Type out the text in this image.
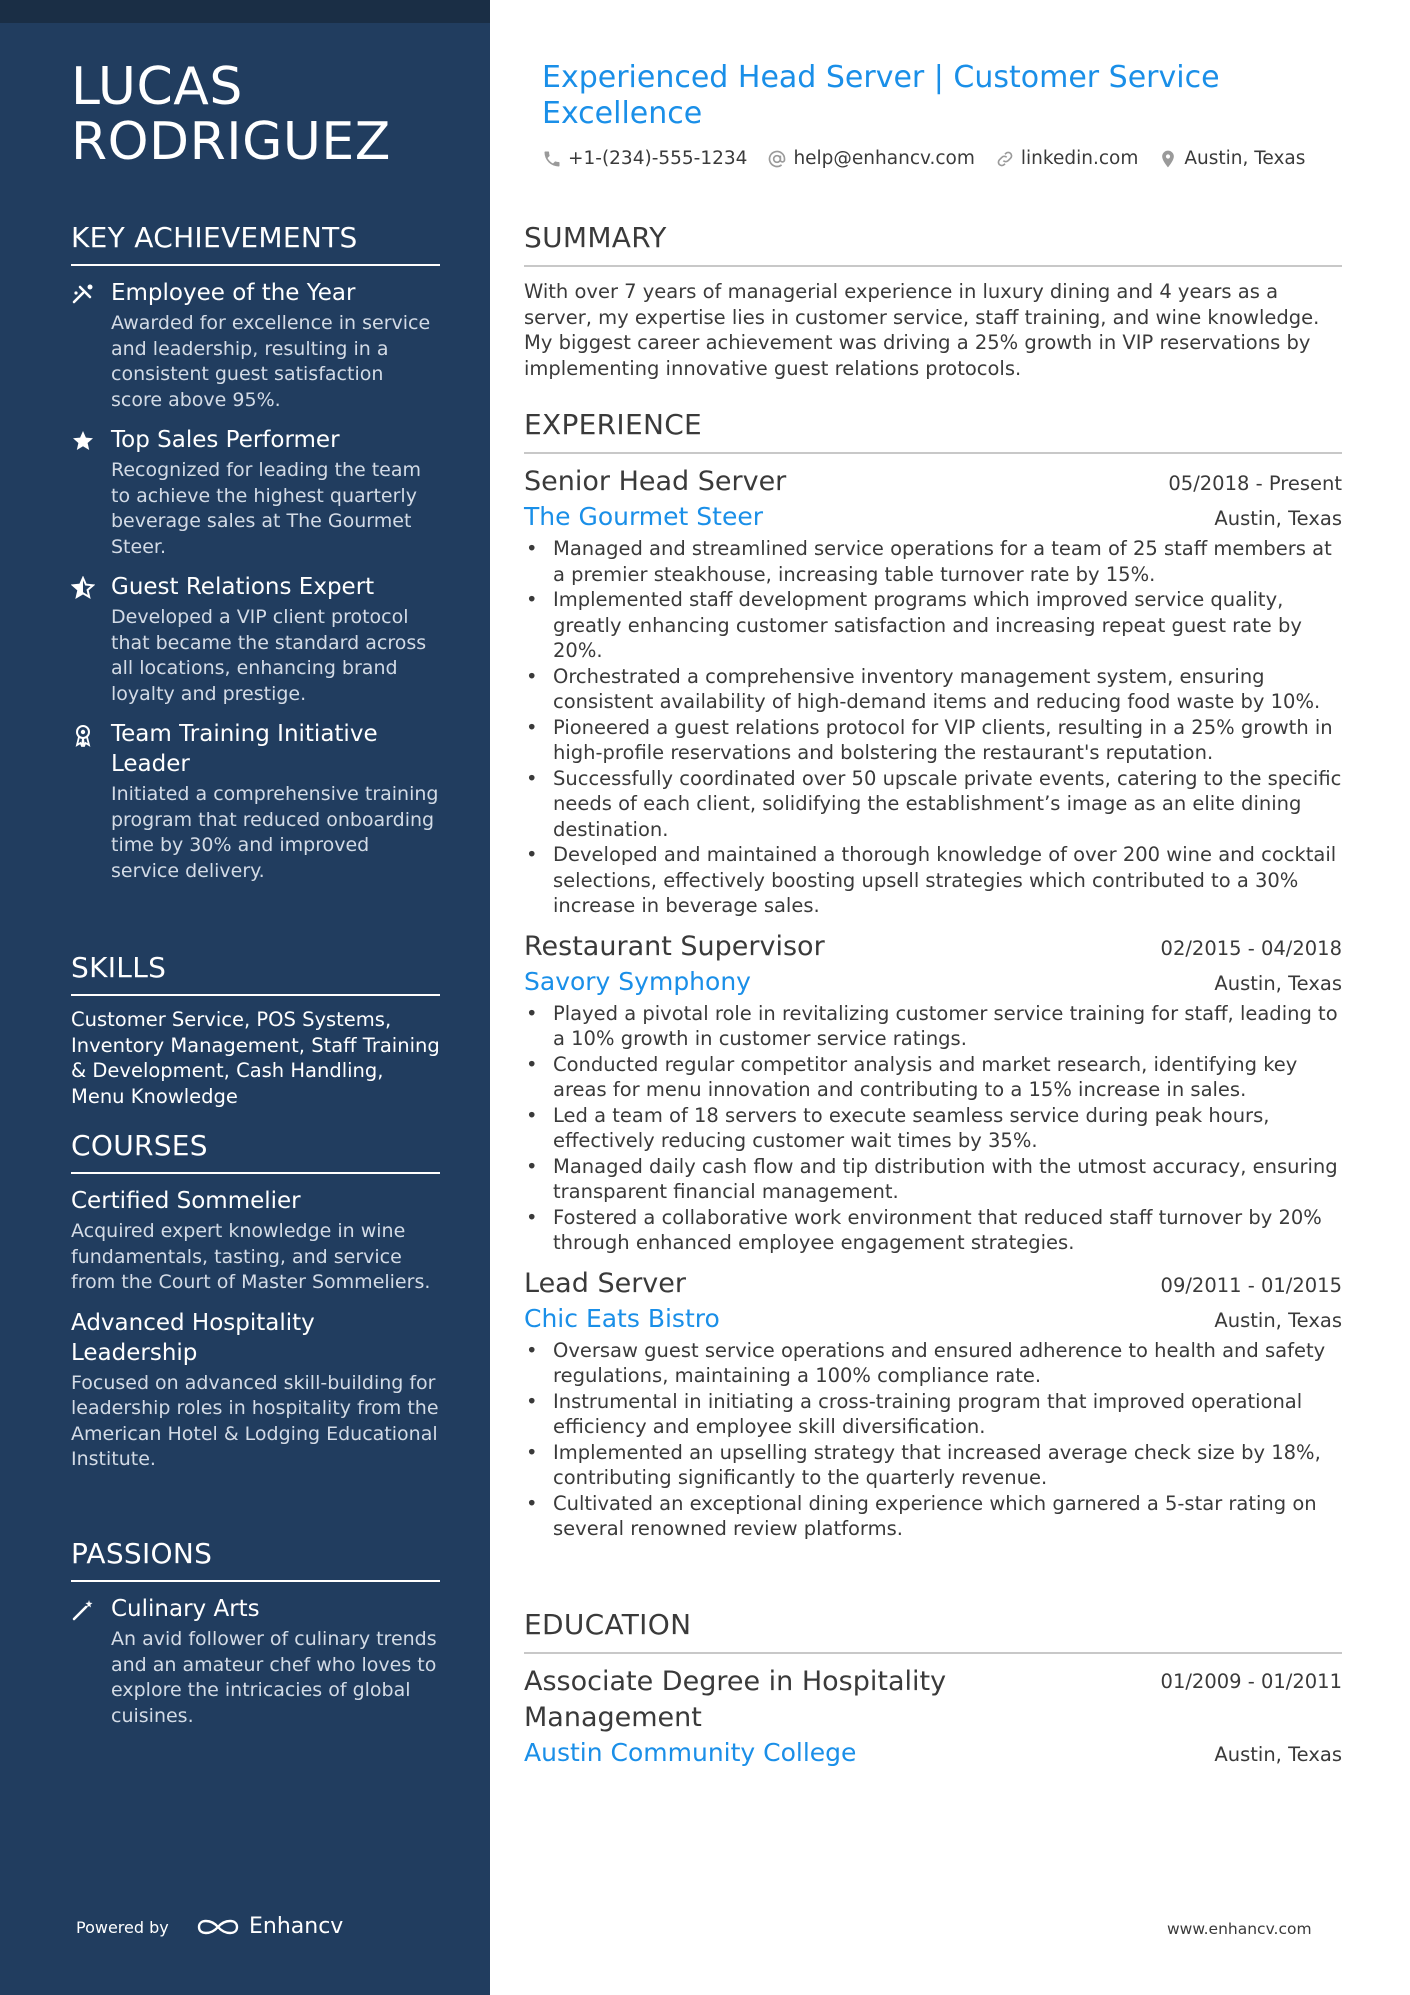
LUCAS RODRIGUEZ
KEY ACHIEVEMENTS
Employee of the Year
Awarded for excellence in service and leadership, resulting in a consistent guest satisfaction score above 95%.
Top Sales Performer
Recognized for leading the team to achieve the highest quarterly beverage sales at The Gourmet Steer.
Guest Relations Expert
Developed a VIP client protocol that became the standard across all locations, enhancing brand loyalty and prestige.
Team Training Initiative Leader
Initiated a comprehensive training program that reduced onboarding time by 30% and improved service delivery.
SKILLS
Customer Service, POS Systems, Inventory Management, Staff Training & Development, Cash Handling, Menu Knowledge
COURSES
Certified Sommelier
Acquired expert knowledge in wine fundamentals, tasting, and service from the Court of Master Sommeliers.
Advanced Hospitality Leadership
Focused on advanced skill-building for leadership roles in hospitality from the American Hotel & Lodging Educational Institute.
PASSIONS
Culinary Arts
An avid follower of culinary trends and an amateur chef who loves to explore the intricacies of global cuisines.
Powered by	Enhancv
Experienced Head Server | Customer Service Excellence
+1-(234)-555-1234 help@enhancv.com linkedin.com Austin, Texas
SUMMARY
With over 7 years of managerial experience in luxury dining and 4 years as a server, my expertise lies in customer service, staff training, and wine knowledge. My biggest career achievement was driving a 25% growth in VIP reservations by implementing innovative guest relations protocols.
EXPERIENCE
Senior Head Server	05/2018 - Present
The Gourmet Steer	Austin, Texas
• Managed and streamlined service operations for a team of 25 staff members at a premier steakhouse, increasing table turnover rate by 15%.
• Implemented staff development programs which improved service quality, greatly enhancing customer satisfaction and increasing repeat guest rate by 20%.
• Orchestrated a comprehensive inventory management system, ensuring consistent availability of high-demand items and reducing food waste by 10%.
• Pioneered a guest relations protocol for VIP clients, resulting in a 25% growth in high-profile reservations and bolstering the restaurant's reputation.
• Successfully coordinated over 50 upscale private events, catering to the specific needs of each client, solidifying the establishment’s image as an elite dining destination.
• Developed and maintained a thorough knowledge of over 200 wine and cocktail selections, effectively boosting upsell strategies which contributed to a 30% increase in beverage sales.
Restaurant Supervisor	02/2015 - 04/2018
Savory Symphony	Austin, Texas
• Played a pivotal role in revitalizing customer service training for staff, leading to a 10% growth in customer service ratings.
• Conducted regular competitor analysis and market research, identifying key areas for menu innovation and contributing to a 15% increase in sales.
• Led a team of 18 servers to execute seamless service during peak hours, effectively reducing customer wait times by 35%.
• Managed daily cash flow and tip distribution with the utmost accuracy, ensuring transparent financial management.
• Fostered a collaborative work environment that reduced staff turnover by 20% through enhanced employee engagement strategies.
Lead Server	09/2011 - 01/2015
Chic Eats Bistro	Austin, Texas
• Oversaw guest service operations and ensured adherence to health and safety regulations, maintaining a 100% compliance rate.
• Instrumental in initiating a cross-training program that improved operational efficiency and employee skill diversification.
• Implemented an upselling strategy that increased average check size by 18%, contributing significantly to the quarterly revenue.
• Cultivated an exceptional dining experience which garnered a 5-star rating on several renowned review platforms.
EDUCATION
Associate Degree in Hospitality Management
01/2009 - 01/2011
Austin Community College	Austin, Texas
www.enhancv.com
